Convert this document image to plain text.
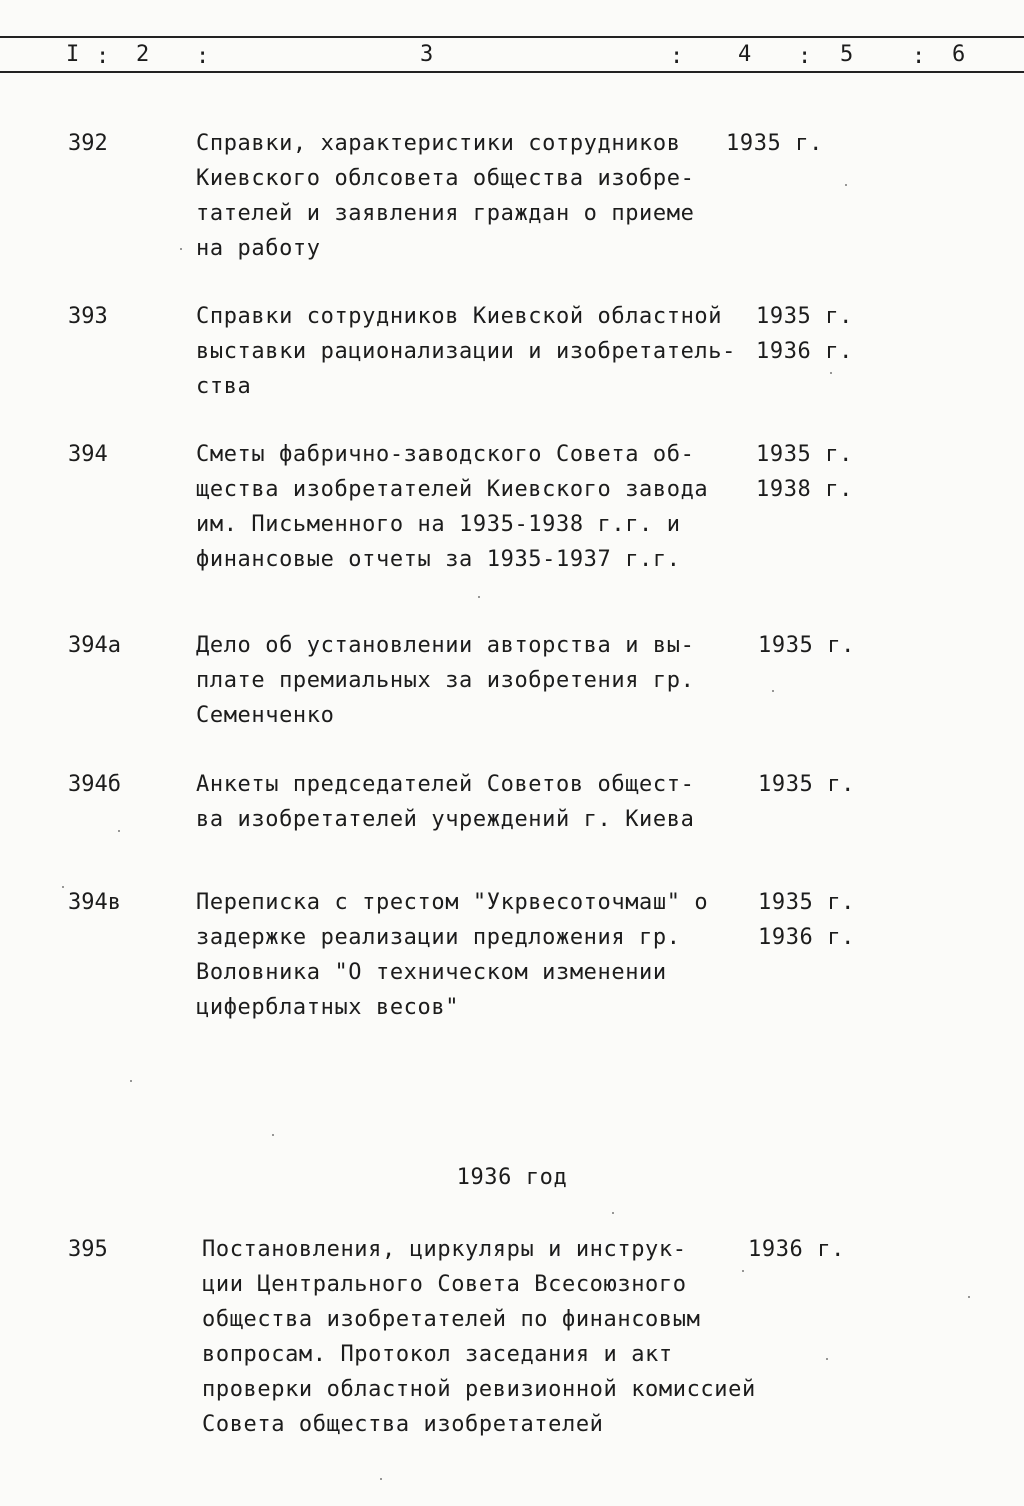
I : 2 :	3	: 4 : 5	: 6
392	Справки, характеристики сотрудников
Киевского облсовета общества изобре-
тателей и заявления граждан о приеме
на работу
1935 г.
393	Справки сотрудников Киевской областной
выставки рационализации и изобретатель-
ства
1935 г.
1936 г.
394	Сметы фабрично-заводского Совета об-
щества изобретателей Киевского завода
им. Письменного на 1935-1938 г.г. и
финансовые отчеты за 1935-1937 г.г.
1935 г.
1938 г.
394а	Дело об установлении авторства и вы-
плате премиальных за изобретения гр.
Семенченко
1935 г.
394б	Анкеты председателей Советов общест-
ва изобретателей учреждений г. Киева
1935 г.
394в	Переписка с трестом "Укрвесоточмаш" о
задержке реализации предложения гр.
Воловника "О техническом изменении
циферблатных весов"
1935 г.
1936 г.
1936 год
395	Постановления, циркуляры и инструк-
ции Центрального Совета Всесоюзного
общества изобретателей по финансовым
вопросам. Протокол заседания и акт
проверки областной ревизионной комиссией
Совета общества изобретателей
1936 г.
